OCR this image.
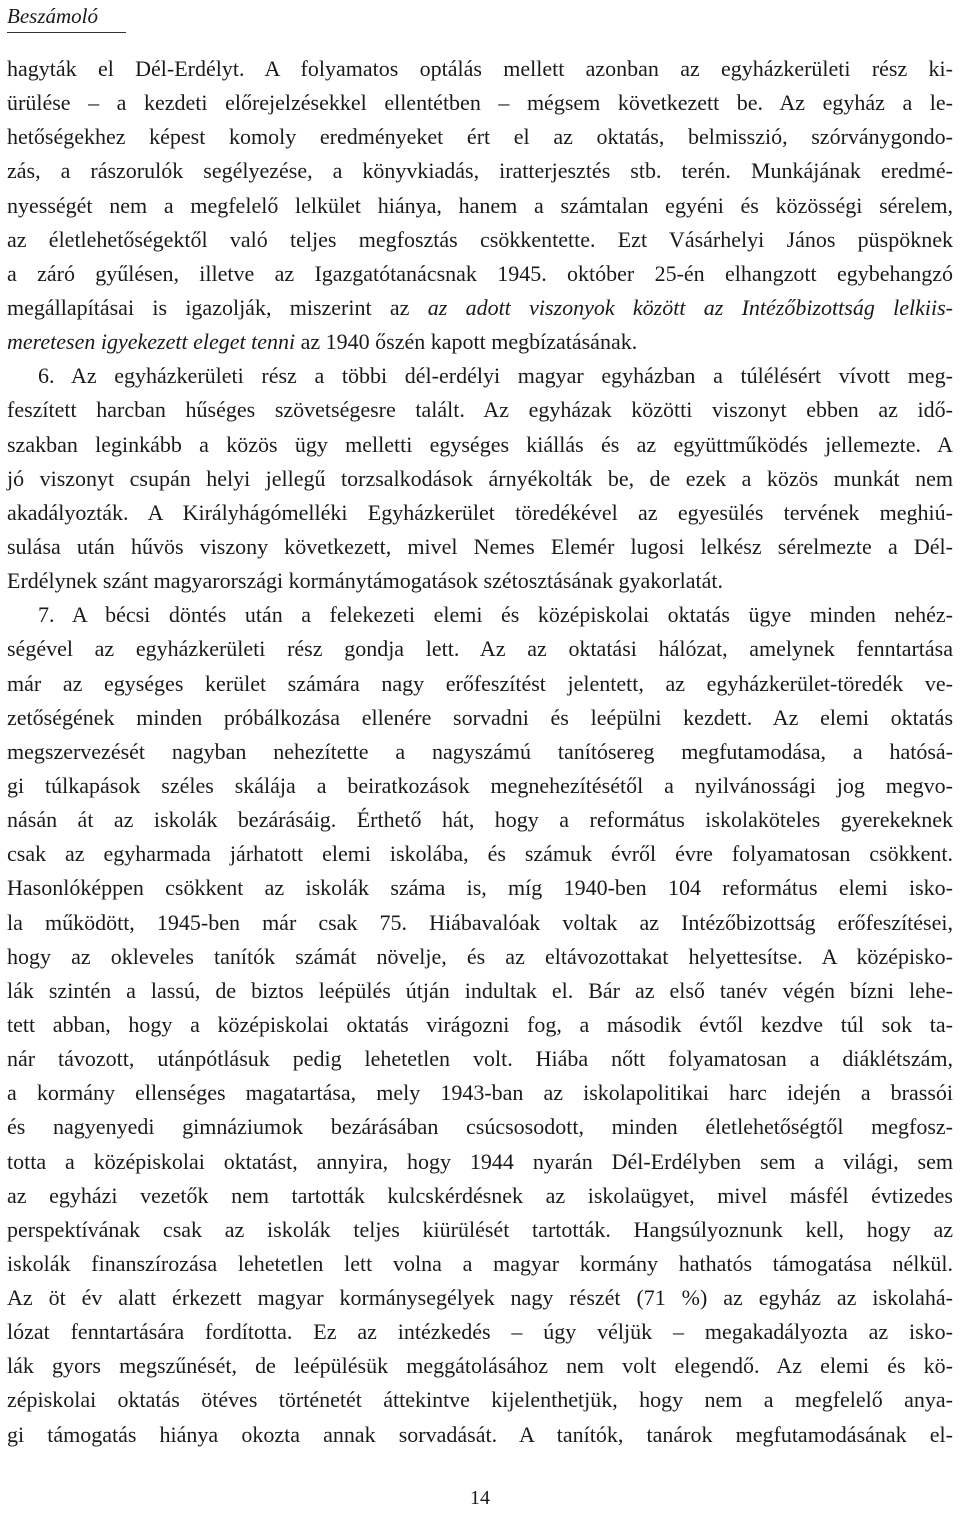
Beszámoló
hagyták el Dél-Erdélyt. A folyamatos optálás mellett azonban az egyházkerületi rész ki-
ürülése – a kezdeti előrejelzésekkel ellentétben – mégsem következett be. Az egyház a le-
hetőségekhez képest komoly eredményeket ért el az oktatás, belmisszió, szórványgondo-
zás, a rászorulók segélyezése, a könyvkiadás, iratterjesztés stb. terén. Munkájának eredmé-
nyességét nem a megfelelő lelkület hiánya, hanem a számtalan egyéni és közösségi sérelem,
az életlehetőségektől való teljes megfosztás csökkentette. Ezt Vásárhelyi János püspöknek
a záró gyűlésen, illetve az Igazgatótanácsnak 1945. október 25-én elhangzott egybehangzó
megállapításai is igazolják, miszerint az az adott viszonyok között az Intézőbizottság lelkiis-
meretesen igyekezett eleget tenni az 1940 őszén kapott megbízatásának.
6. Az egyházkerületi rész a többi dél-erdélyi magyar egyházban a túlélésért vívott meg-
feszített harcban hűséges szövetségesre talált. Az egyházak közötti viszonyt ebben az idő-
szakban leginkább a közös ügy melletti egységes kiállás és az együttműködés jellemezte. A
jó viszonyt csupán helyi jellegű torzsalkodások árnyékolták be, de ezek a közös munkát nem
akadályozták. A Királyhágómelléki Egyházkerület töredékével az egyesülés tervének meghiú-
sulása után hűvös viszony következett, mivel Nemes Elemér lugosi lelkész sérelmezte a Dél-
Erdélynek szánt magyarországi kormánytámogatások szétosztásának gyakorlatát.
7. A bécsi döntés után a felekezeti elemi és középiskolai oktatás ügye minden nehéz-
ségével az egyházkerületi rész gondja lett. Az az oktatási hálózat, amelynek fenntartása
már az egységes kerület számára nagy erőfeszítést jelentett, az egyházkerület-töredék ve-
zetőségének minden próbálkozása ellenére sorvadni és leépülni kezdett. Az elemi oktatás
megszervezését nagyban nehezítette a nagyszámú tanítósereg megfutamodása, a hatósá-
gi túlkapások széles skálája a beiratkozások megnehezítésétől a nyilvánossági jog megvo-
násán át az iskolák bezárásáig. Érthető hát, hogy a református iskolaköteles gyerekeknek
csak az egyharmada járhatott elemi iskolába, és számuk évről évre folyamatosan csökkent.
Hasonlóképpen csökkent az iskolák száma is, míg 1940-ben 104 református elemi isko-
la működött, 1945-ben már csak 75. Hiábavalóak voltak az Intézőbizottság erőfeszítései,
hogy az okleveles tanítók számát növelje, és az eltávozottakat helyettesítse. A középisko-
lák szintén a lassú, de biztos leépülés útján indultak el. Bár az első tanév végén bízni lehe-
tett abban, hogy a középiskolai oktatás virágozni fog, a második évtől kezdve túl sok ta-
nár távozott, utánpótlásuk pedig lehetetlen volt. Hiába nőtt folyamatosan a diáklétszám,
a kormány ellenséges magatartása, mely 1943-ban az iskolapolitikai harc idején a brassói
és nagyenyedi gimnáziumok bezárásában csúcsosodott, minden életlehetőségtől megfosz-
totta a középiskolai oktatást, annyira, hogy 1944 nyarán Dél-Erdélyben sem a világi, sem
az egyházi vezetők nem tartották kulcskérdésnek az iskolaügyet, mivel másfél évtizedes
perspektívának csak az iskolák teljes kiürülését tartották. Hangsúlyoznunk kell, hogy az
iskolák finanszírozása lehetetlen lett volna a magyar kormány hathatós támogatása nélkül.
Az öt év alatt érkezett magyar kormánysegélyek nagy részét (71 %) az egyház az iskolahá-
lózat fenntartására fordította. Ez az intézkedés – úgy véljük – megakadályozta az isko-
lák gyors megszűnését, de leépülésük meggátolásához nem volt elegendő. Az elemi és kö-
zépiskolai oktatás ötéves történetét áttekintve kijelenthetjük, hogy nem a megfelelő anya-
gi támogatás hiánya okozta annak sorvadását. A tanítók, tanárok megfutamodásának el-
14
